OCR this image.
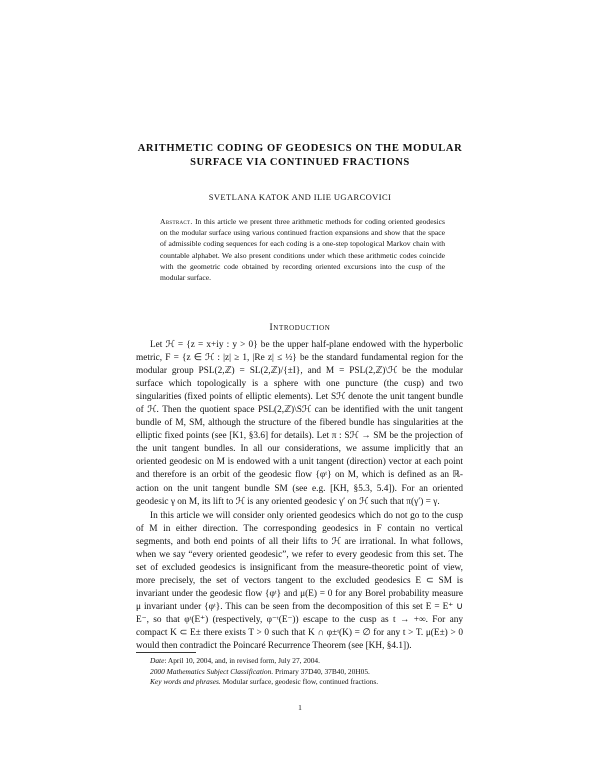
ARITHMETIC CODING OF GEODESICS ON THE MODULAR
SURFACE VIA CONTINUED FRACTIONS
SVETLANA KATOK AND ILIE UGARCOVICI
Abstract. In this article we present three arithmetic methods for coding oriented geodesics on the modular surface using various continued fraction expansions and show that the space of admissible coding sequences for each coding is a one-step topological Markov chain with countable alphabet. We also present conditions under which these arithmetic codes coincide with the geometric code obtained by recording oriented excursions into the cusp of the modular surface.
Introduction

Let ℋ = {z = x+iy : y > 0} be the upper half-plane endowed with the hyperbolic metric, F = {z ∈ ℋ : |z| ≥ 1, |Re z| ≤ ½} be the standard fundamental region for the modular group PSL(2,ℤ) = SL(2,ℤ)/{±I}, and M = PSL(2,ℤ)\ℋ be the modular surface which topologically is a sphere with one puncture (the cusp) and two singularities (fixed points of elliptic elements). Let Sℋ denote the unit tangent bundle of ℋ. Then the quotient space PSL(2,ℤ)\Sℋ can be identified with the unit tangent bundle of M, SM, although the structure of the fibered bundle has singularities at the elliptic fixed points (see [K1, §3.6] for details). Let π : Sℋ → SM be the projection of the unit tangent bundles. In all our considerations, we assume implicitly that an oriented geodesic on M is endowed with a unit tangent (direction) vector at each point and therefore is an orbit of the geodesic flow {φᵗ} on M, which is defined as an ℝ-action on the unit tangent bundle SM (see e.g. [KH, §5.3, 5.4]). For an oriented geodesic γ on M, its lift to ℋ is any oriented geodesic γ′ on ℋ such that π(γ′) = γ.

In this article we will consider only oriented geodesics which do not go to the cusp of M in either direction. The corresponding geodesics in F contain no vertical segments, and both end points of all their lifts to ℋ are irrational. In what follows, when we say “every oriented geodesic”, we refer to every geodesic from this set. The set of excluded geodesics is insignificant from the measure-theoretic point of view, more precisely, the set of vectors tangent to the excluded geodesics E ⊂ SM is invariant under the geodesic flow {φᵗ} and μ(E) = 0 for any Borel probability measure μ invariant under {φᵗ}. This can be seen from the decomposition of this set E = E⁺ ∪ E⁻, so that φᵗ(E⁺) (respectively, φ⁻ᵗ(E⁻)) escape to the cusp as t → +∞. For any compact K ⊂ E± there exists T > 0 such that K ∩ φ±ᵗ(K) = ∅ for any t > T. μ(E±) > 0 would then contradict the Poincaré Recurrence Theorem (see [KH, §4.1]).

Date: April 10, 2004, and, in revised form, July 27, 2004.
2000 Mathematics Subject Classification. Primary 37D40, 37B40, 20H05.
Key words and phrases. Modular surface, geodesic flow, continued fractions.
1
